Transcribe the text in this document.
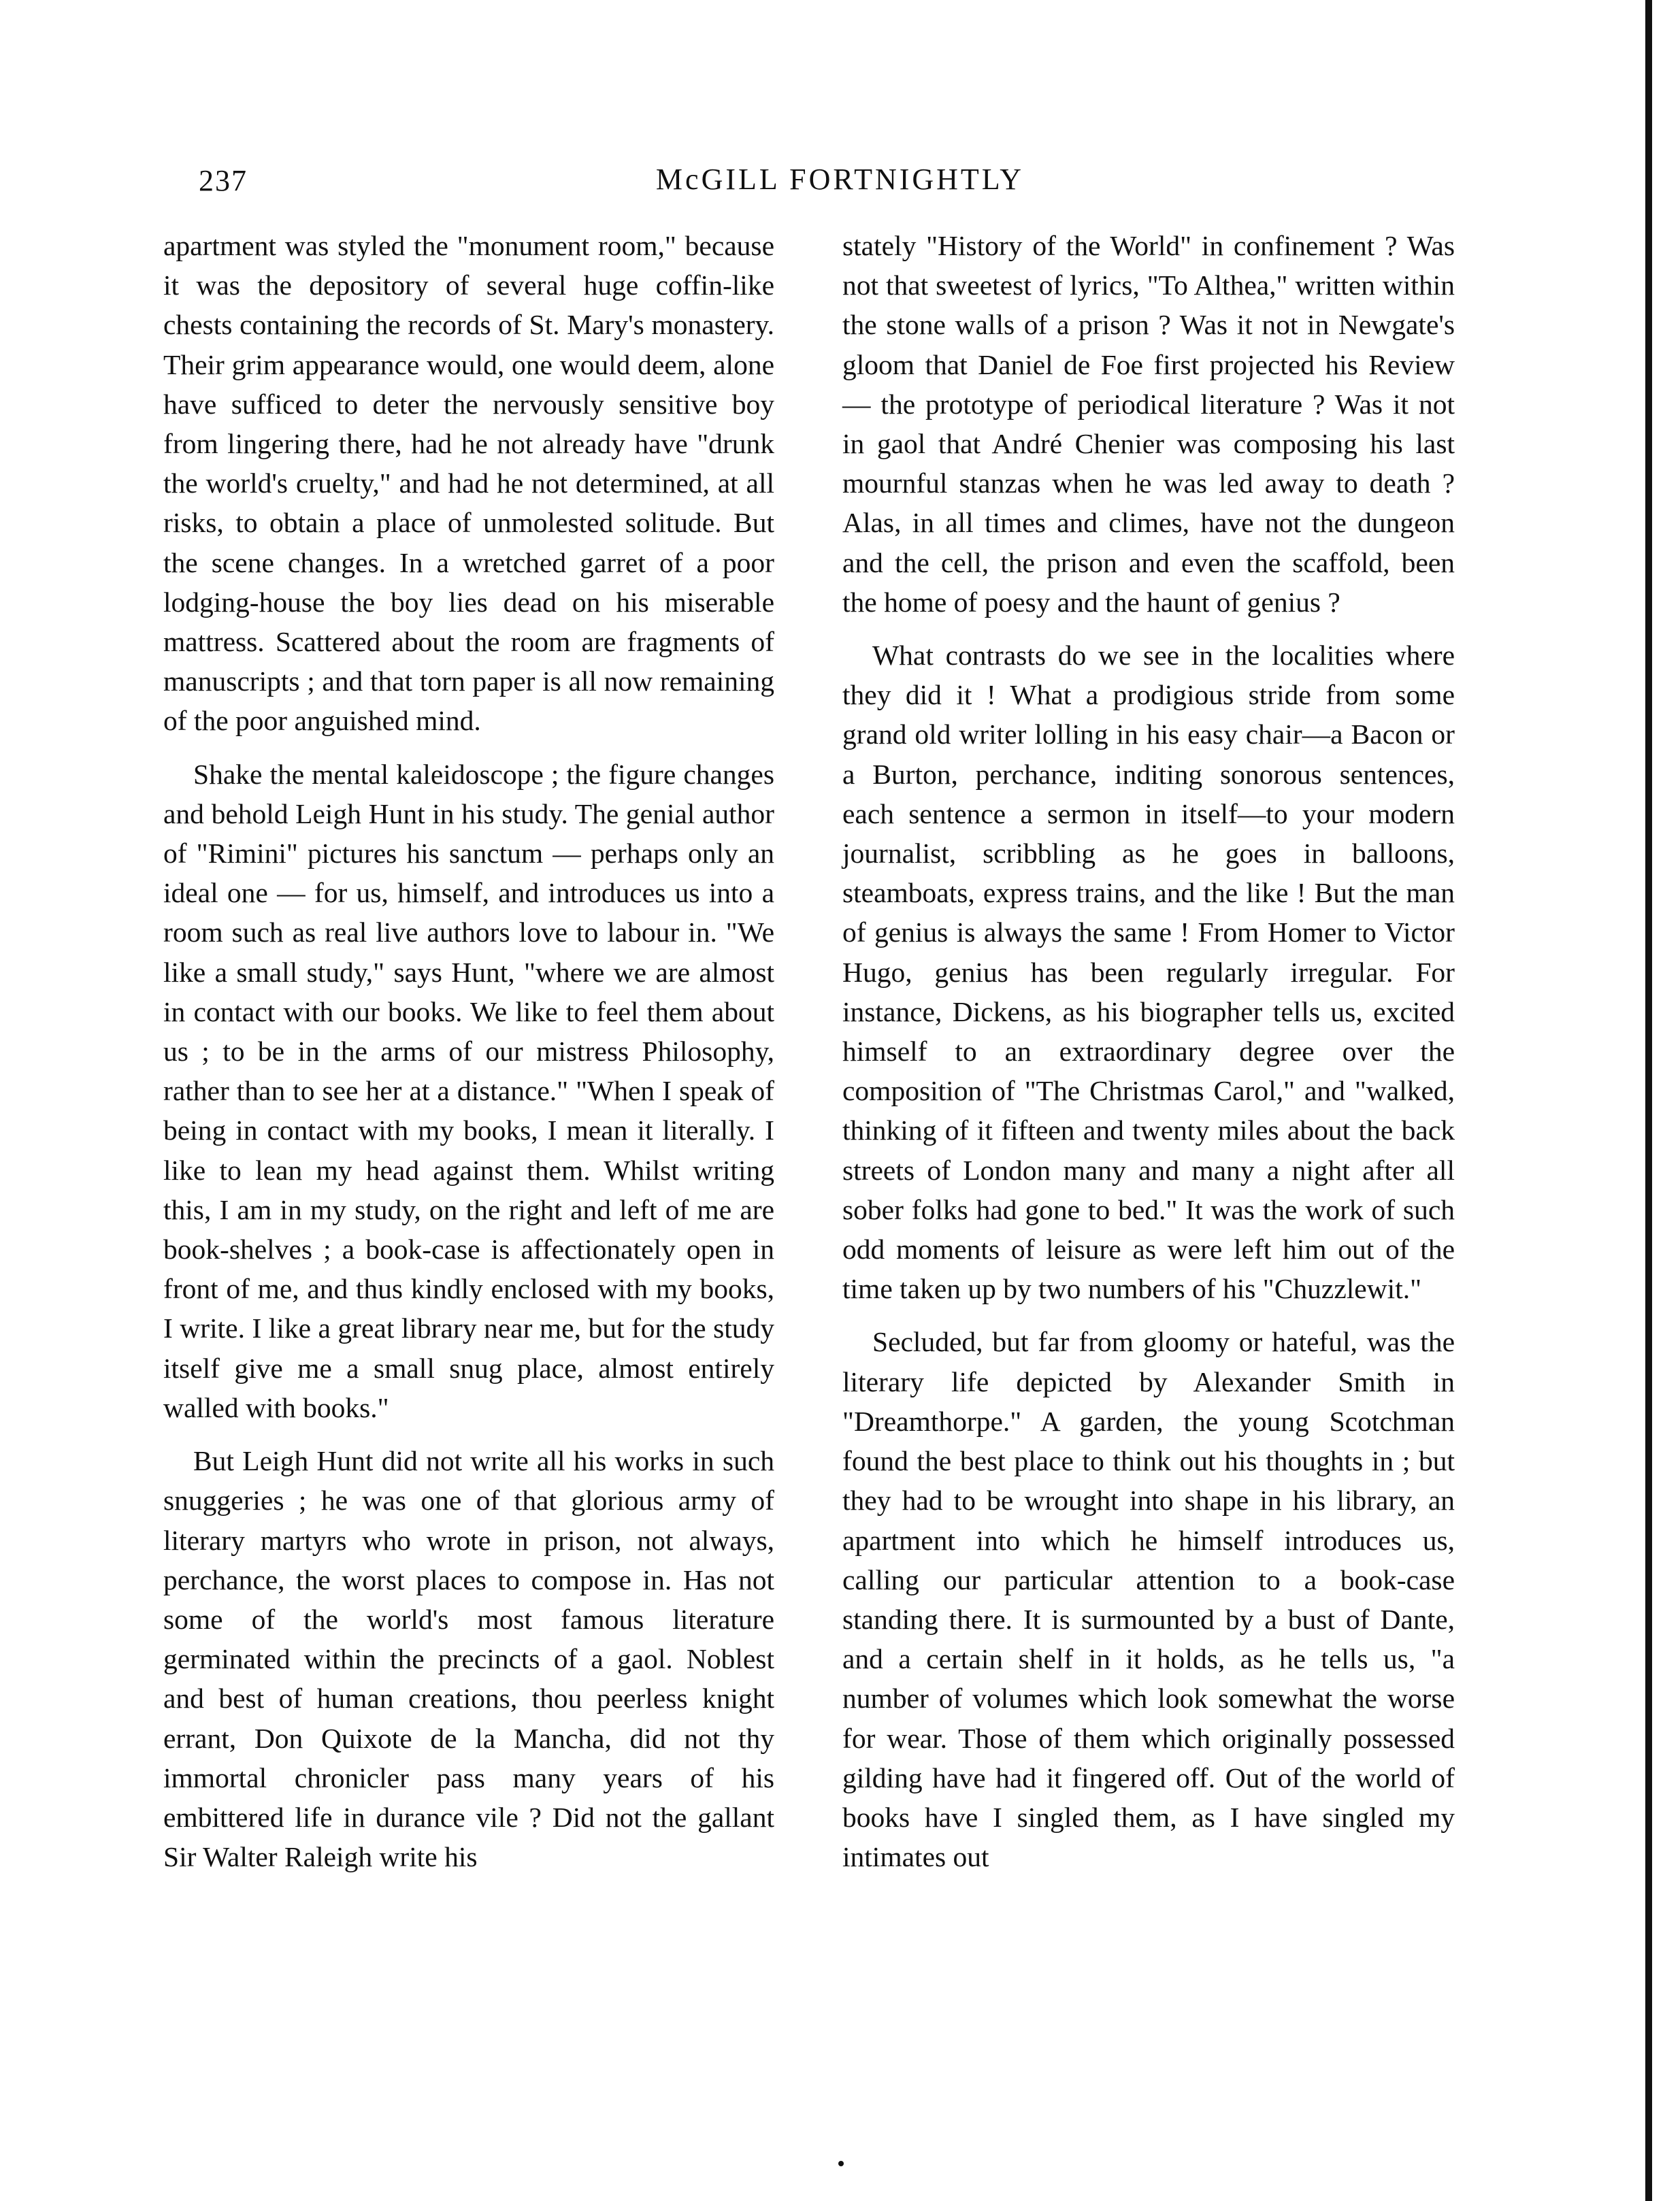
237	McGILL FORTNIGHTLY

apartment was styled the "monument room," because it was the depository of several huge coffin-like chests containing the records of St. Mary's monastery. Their grim appearance would, one would deem, alone have sufficed to deter the nervously sensitive boy from lingering there, had he not already have "drunk the world's cruelty," and had he not determined, at all risks, to obtain a place of unmolested solitude. But the scene changes. In a wretched garret of a poor lodging-house the boy lies dead on his miserable mattress. Scattered about the room are fragments of manuscripts ; and that torn paper is all now remaining of the poor anguished mind.

Shake the mental kaleidoscope ; the figure changes and behold Leigh Hunt in his study. The genial author of "Rimini" pictures his sanctum — perhaps only an ideal one — for us, himself, and introduces us into a room such as real live authors love to labour in. "We like a small study," says Hunt, "where we are almost in contact with our books. We like to feel them about us ; to be in the arms of our mistress Philosophy, rather than to see her at a distance." "When I speak of being in contact with my books, I mean it literally. I like to lean my head against them. Whilst writing this, I am in my study, on the right and left of me are book-shelves ; a book-case is affectionately open in front of me, and thus kindly enclosed with my books, I write. I like a great library near me, but for the study itself give me a small snug place, almost entirely walled with books."

But Leigh Hunt did not write all his works in such snuggeries ; he was one of that glorious army of literary martyrs who wrote in prison, not always, perchance, the worst places to compose in. Has not some of the world's most famous literature germinated within the precincts of a gaol. Noblest and best of human creations, thou peerless knight errant, Don Quixote de la Mancha, did not thy immortal chronicler pass many years of his embittered life in durance vile ? Did not the gallant Sir Walter Raleigh write his

stately "History of the World" in confinement ? Was not that sweetest of lyrics, "To Althea," written within the stone walls of a prison ? Was it not in Newgate's gloom that Daniel de Foe first projected his Review — the prototype of periodical literature ? Was it not in gaol that André Chenier was composing his last mournful stanzas when he was led away to death ? Alas, in all times and climes, have not the dungeon and the cell, the prison and even the scaffold, been the home of poesy and the haunt of genius ?

What contrasts do we see in the localities where they did it ! What a prodigious stride from some grand old writer lolling in his easy chair—a Bacon or a Burton, perchance, inditing sonorous sentences, each sentence a sermon in itself—to your modern journalist, scribbling as he goes in balloons, steamboats, express trains, and the like ! But the man of genius is always the same ! From Homer to Victor Hugo, genius has been regularly irregular. For instance, Dickens, as his biographer tells us, excited himself to an extraordinary degree over the composition of "The Christmas Carol," and "walked, thinking of it fifteen and twenty miles about the back streets of London many and many a night after all sober folks had gone to bed." It was the work of such odd moments of leisure as were left him out of the time taken up by two numbers of his "Chuzzlewit."

Secluded, but far from gloomy or hateful, was the literary life depicted by Alexander Smith in "Dreamthorpe." A garden, the young Scotchman found the best place to think out his thoughts in ; but they had to be wrought into shape in his library, an apartment into which he himself introduces us, calling our particular attention to a book-case standing there. It is surmounted by a bust of Dante, and a certain shelf in it holds, as he tells us, "a number of volumes which look somewhat the worse for wear. Those of them which originally possessed gilding have had it fingered off. Out of the world of books have I singled them, as I have singled my intimates out
